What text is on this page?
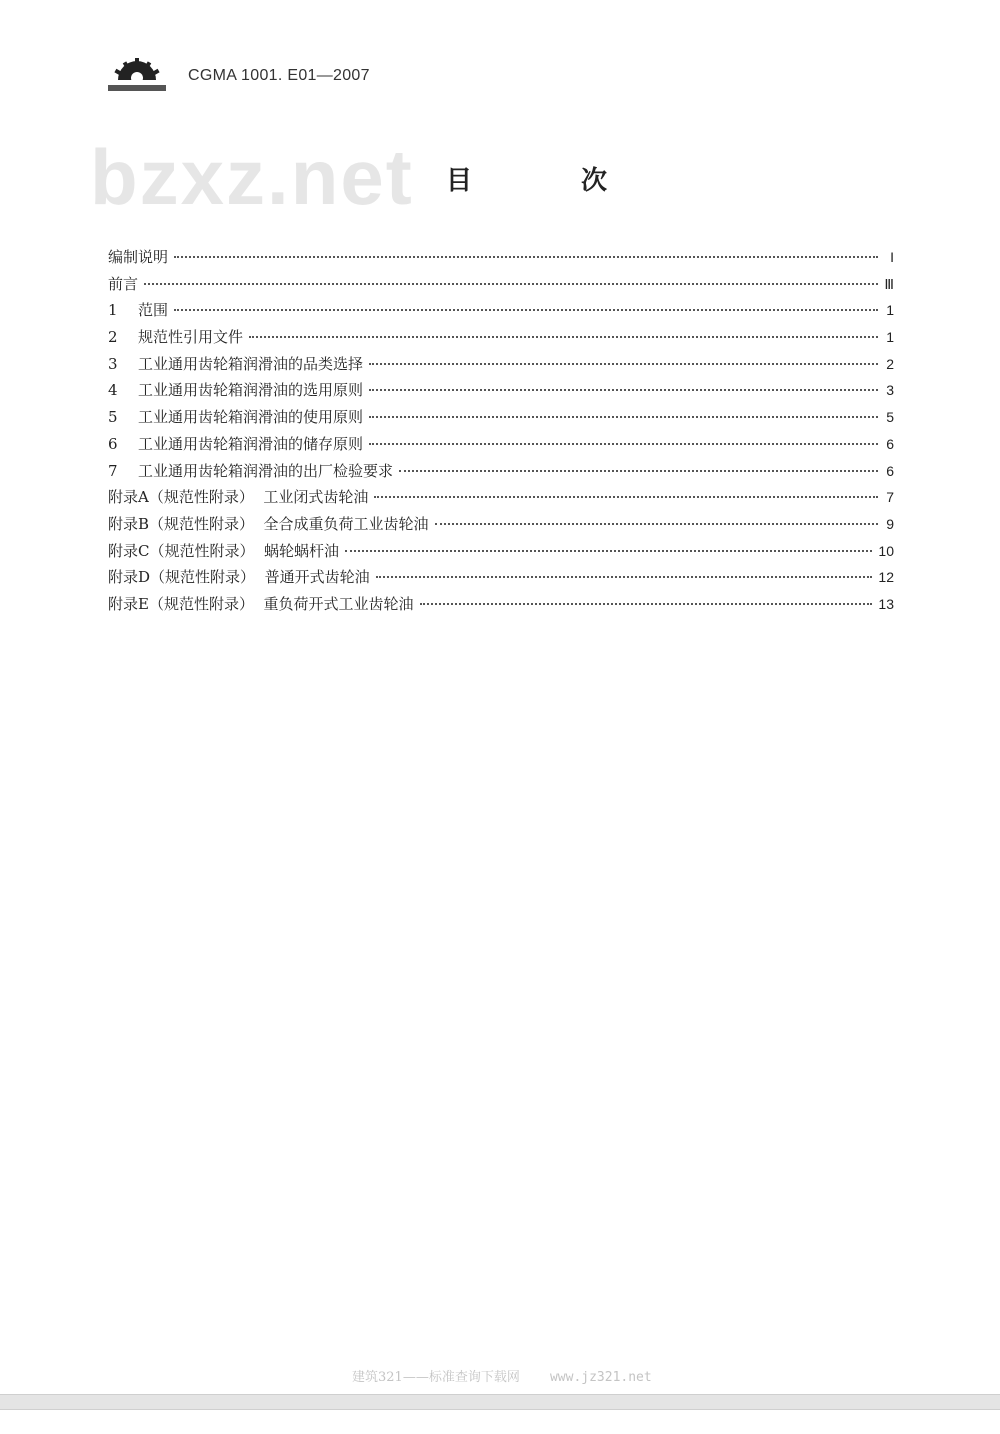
CGMA 1001. E01—2007
bzxz.net 目 次
编制说明	I
前言	Ⅲ
1 范围	1
2 规范性引用文件	1
3 工业通用齿轮箱润滑油的品类选择	2
4 工业通用齿轮箱润滑油的选用原则	3
5 工业通用齿轮箱润滑油的使用原则	5
6 工业通用齿轮箱润滑油的储存原则	6
7 工业通用齿轮箱润滑油的出厂检验要求	6
附录A（规范性附录）  工业闭式齿轮油	7
附录B（规范性附录）  全合成重负荷工业齿轮油	9
附录C（规范性附录）  蜗轮蜗杆油	10
附录D（规范性附录）  普通开式齿轮油	12
附录E（规范性附录）  重负荷开式工业齿轮油	13
建筑321——标准查询下载网 www.jz321.net
